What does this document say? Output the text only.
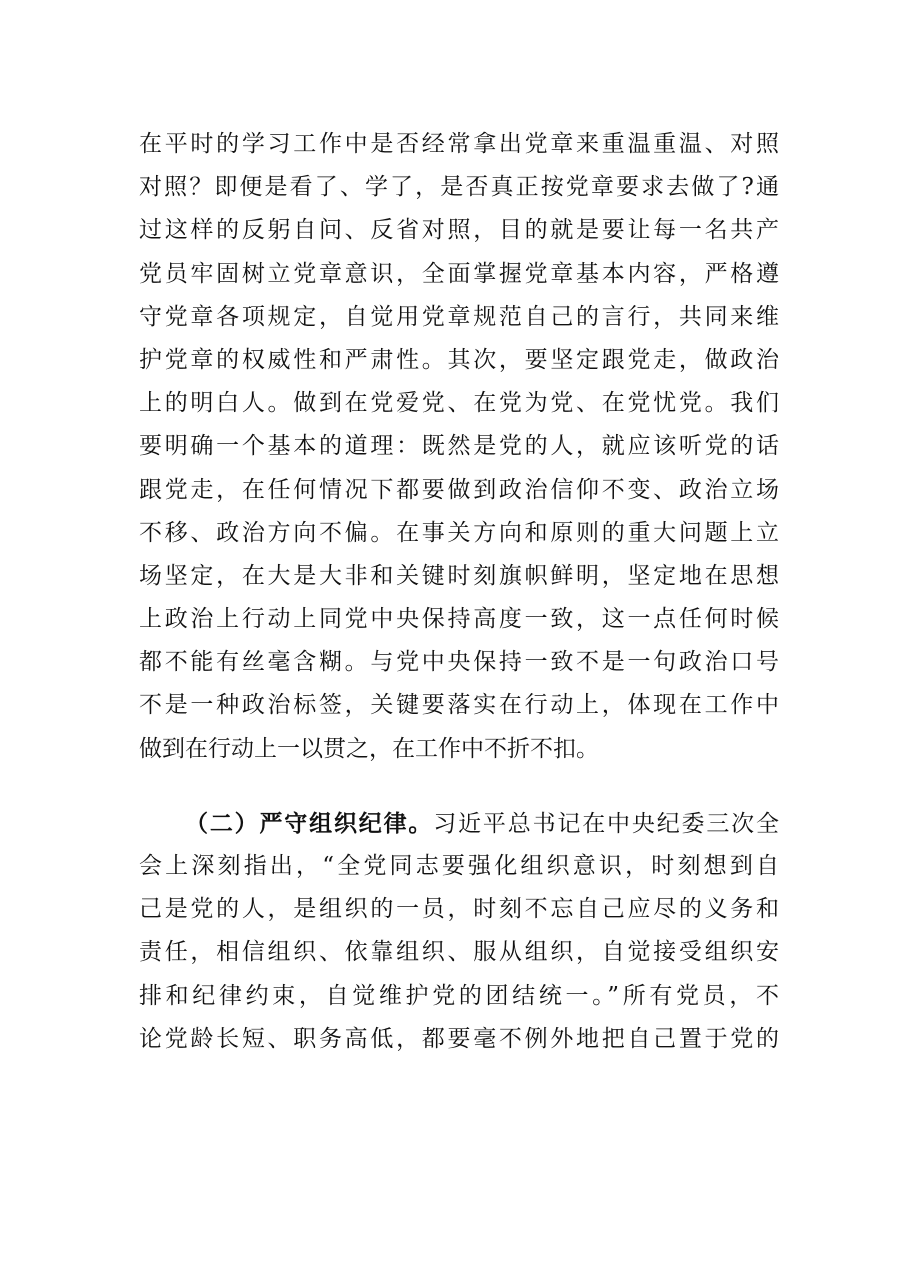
在平时的学习工作中是否经常拿出党章来重温重温、对照
对照？即便是看了、学了，是否真正按党章要求去做了?通
过这样的反躬自问、反省对照，目的就是要让每一名共产
党员牢固树立党章意识，全面掌握党章基本内容，严格遵
守党章各项规定，自觉用党章规范自己的言行，共同来维
护党章的权威性和严肃性。其次，要坚定跟党走，做政治
上的明白人。做到在党爱党、在党为党、在党忧党。我们
要明确一个基本的道理：既然是党的人，就应该听党的话
跟党走，在任何情况下都要做到政治信仰不变、政治立场
不移、政治方向不偏。在事关方向和原则的重大问题上立
场坚定，在大是大非和关键时刻旗帜鲜明，坚定地在思想
上政治上行动上同党中央保持高度一致，这一点任何时候
都不能有丝毫含糊。与党中央保持一致不是一句政治口号
不是一种政治标签，关键要落实在行动上，体现在工作中
做到在行动上一以贯之，在工作中不折不扣。
（二）严守组织纪律。习近平总书记在中央纪委三次全
会上深刻指出，“全党同志要强化组织意识，时刻想到自
己是党的人，是组织的一员，时刻不忘自己应尽的义务和
责任，相信组织、依靠组织、服从组织，自觉接受组织安
排和纪律约束，自觉维护党的团结统一。”所有党员，不
论党龄长短、职务高低，都要毫不例外地把自己置于党的
